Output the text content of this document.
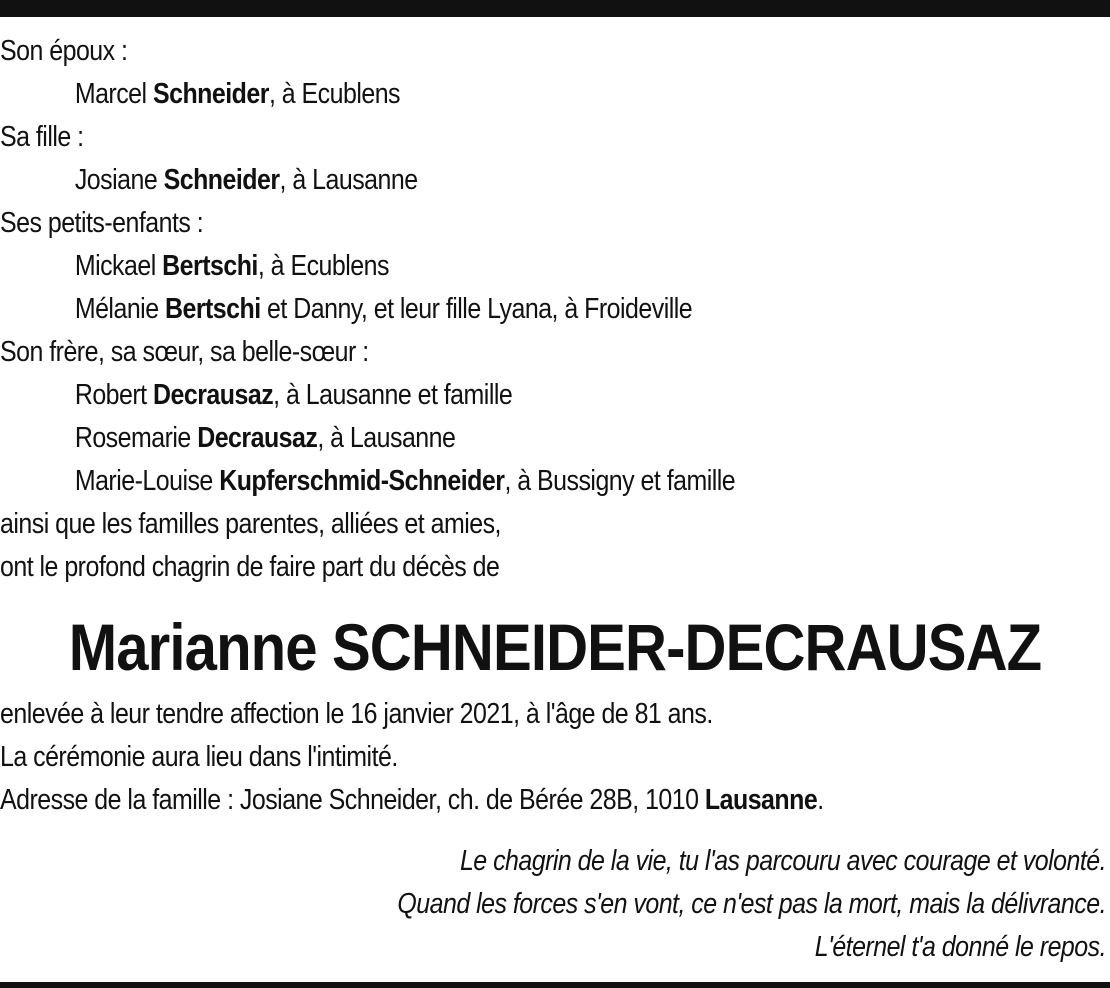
Son époux :
Marcel Schneider, à Ecublens
Sa fille :
Josiane Schneider, à Lausanne
Ses petits-enfants :
Mickael Bertschi, à Ecublens
Mélanie Bertschi et Danny, et leur fille Lyana, à Froideville
Son frère, sa sœur, sa belle-sœur :
Robert Decrausaz, à Lausanne et famille
Rosemarie Decrausaz, à Lausanne
Marie-Louise Kupferschmid-Schneider, à Bussigny et famille
ainsi que les familles parentes, alliées et amies,
ont le profond chagrin de faire part du décès de
Marianne SCHNEIDER-DECRAUSAZ
enlevée à leur tendre affection le 16 janvier 2021, à l'âge de 81 ans.
La cérémonie aura lieu dans l'intimité.
Adresse de la famille : Josiane Schneider, ch. de Bérée 28B, 1010 Lausanne.
Le chagrin de la vie, tu l'as parcouru avec courage et volonté.
Quand les forces s'en vont, ce n'est pas la mort, mais la délivrance.
L'éternel t'a donné le repos.
